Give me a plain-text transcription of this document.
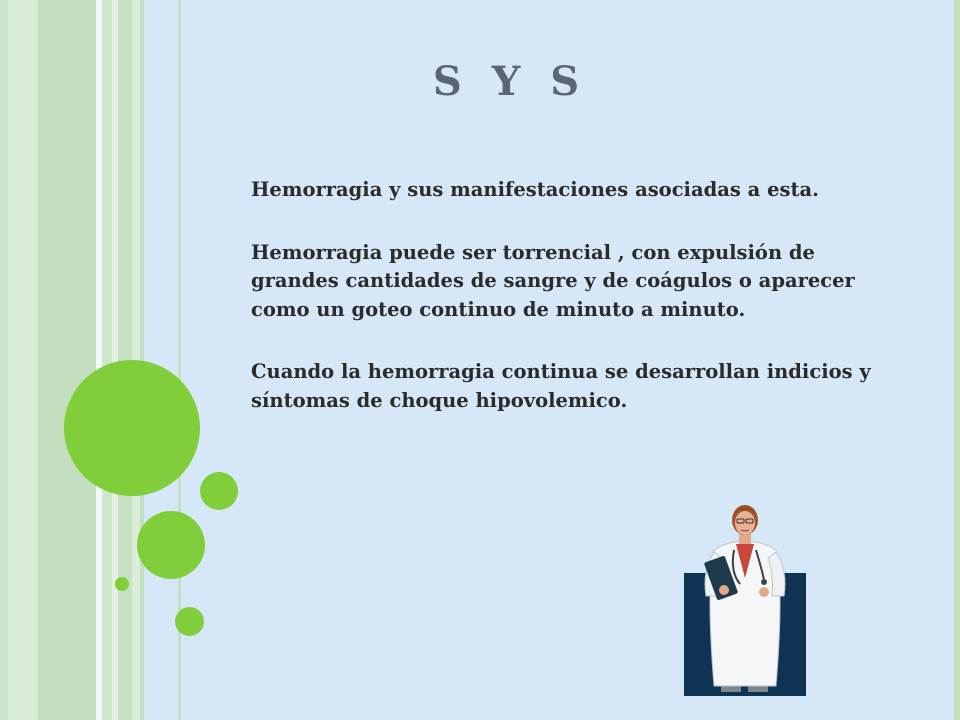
S Y S

Hemorragia y sus manifestaciones asociadas a esta.

Hemorragia puede ser torrencial , con expulsión de grandes cantidades de sangre y de coágulos o aparecer como un goteo continuo de minuto a minuto.

Cuando la hemorragia continua se desarrollan indicios y síntomas de choque hipovolemico.
